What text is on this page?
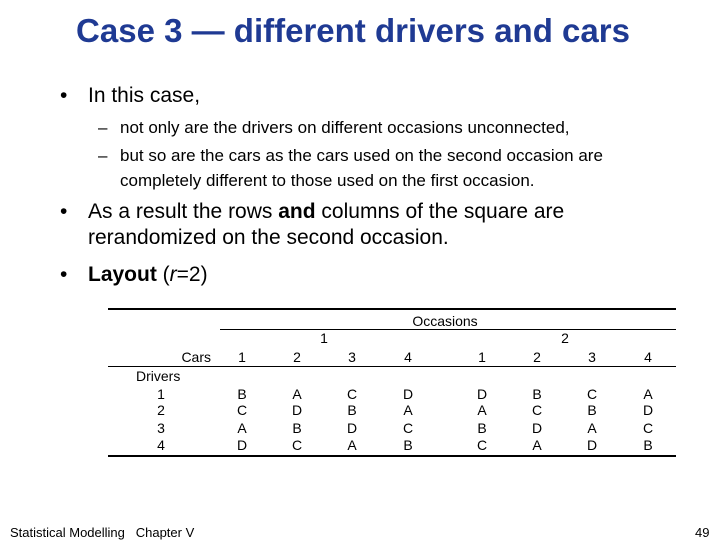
Case 3 — different drivers and cars
• In this case,
– not only are the drivers on different occasions unconnected,
– but so are the cars as the cars used on the second occasion are
completely different to those used on the first occasion.
• As a result the rows and columns of the square are
rerandomized on the second occasion.
• Layout (r=2)
Occasions
1	2
Cars 1	2	3	4	1	2	3	4
Drivers
1	B	A	C	D	D	B	C	A
2	C	D	B	A	A	C	B	D
3	A	B	D	C	B	D	A	C
4	D	C	A	B	C	A	D	B
Statistical Modelling   Chapter V	49
